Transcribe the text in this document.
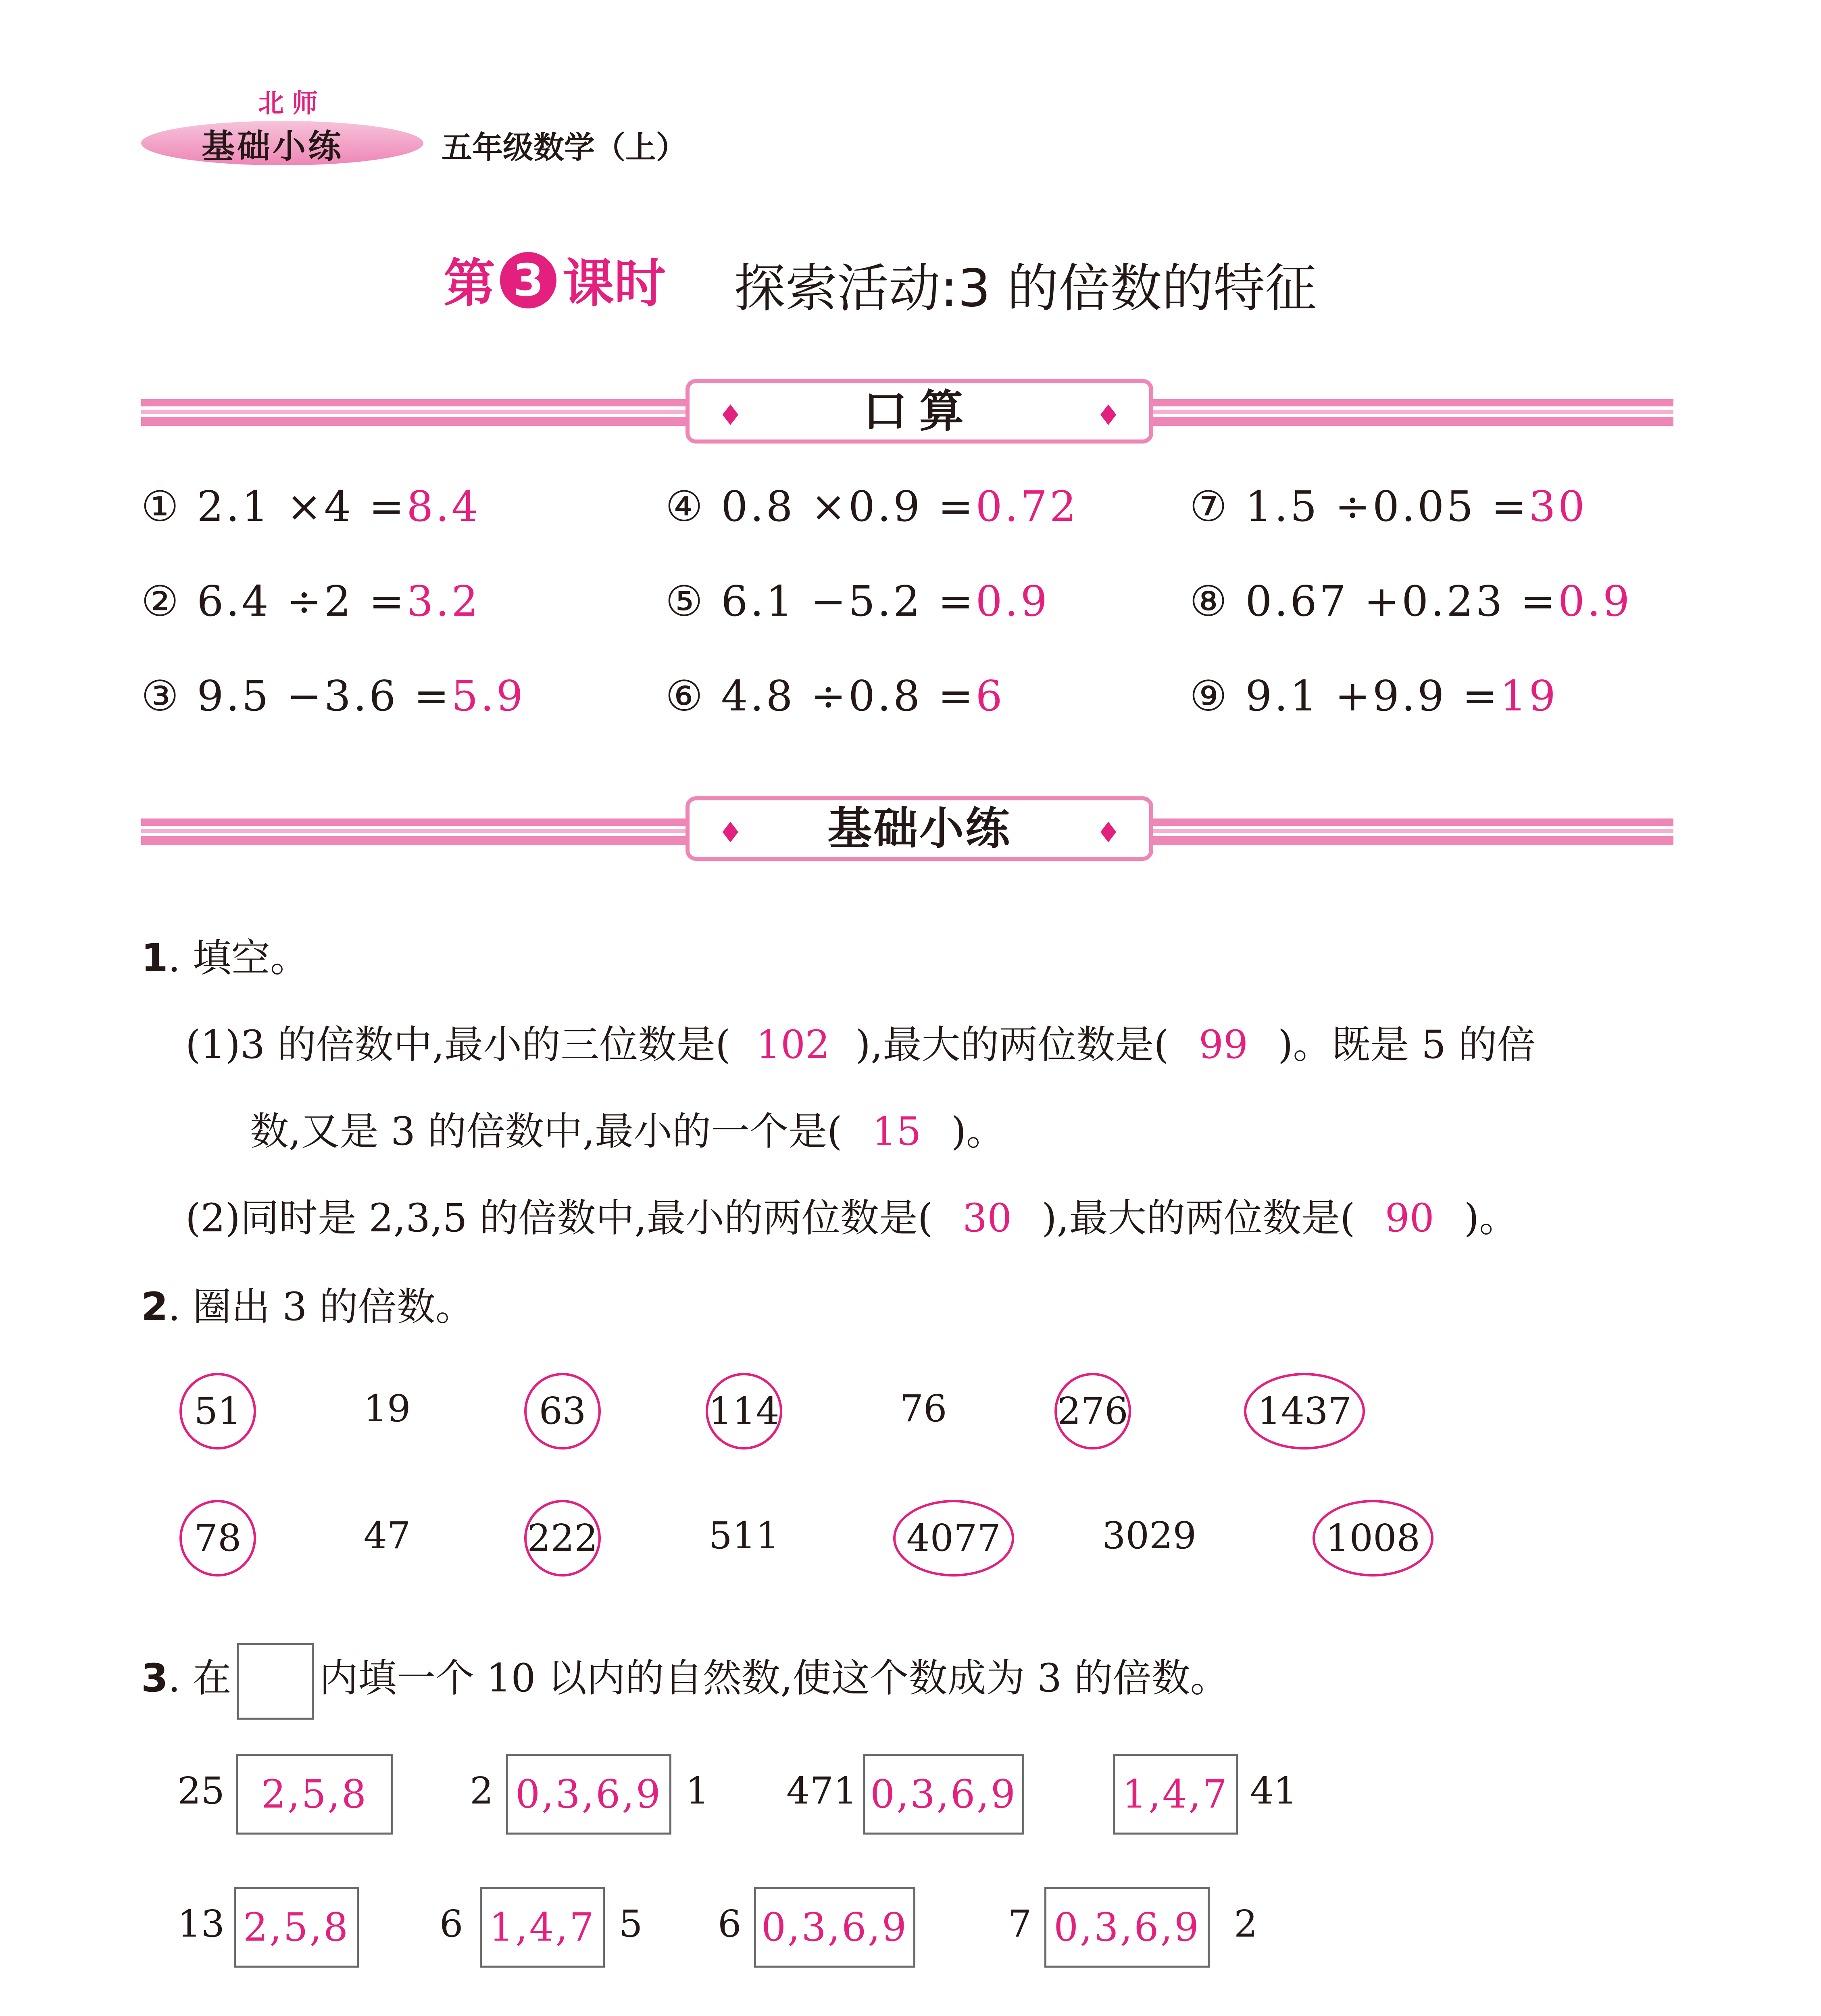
北师
基础小练	五年级数学（上）
第 3 课时 探索活动:3 的倍数的特征
♦	口算	♦
① 2.1 ×4 =8.4	④ 0.8 ×0.9 =0.72	⑦ 1.5 ÷0.05 =30
② 6.4 ÷2 =3.2	⑤ 6.1 −5.2 =0.9	⑧ 0.67 +0.23 =0.9
③ 9.5 −3.6 =5.9	⑥ 4.8 ÷0.8 =6	⑨ 9.1 +9.9 =19
♦	基础小练	♦
1. 填空。
(1)3 的倍数中,最小的三位数是( 102 ),最大的两位数是( 99 )。既是 5 的倍
数,又是 3 的倍数中,最小的一个是( 15 )。
(2)同时是 2,3,5 的倍数中,最小的两位数是( 30 ),最大的两位数是( 90 )。
2. 圈出 3 的倍数。
51	19	63	114	76	276	1437
78	47	222	511	4077	3029	1008
3. 在 内填一个 10 以内的自然数,使这个数成为 3 的倍数。
25 2,5,8	2 0,3,6,9 1 471 0,3,6,9	1,4,7 41
13 2,5,8 6 1,4,7 5 6 0,3,6,9	7 0,3,6,9 2
